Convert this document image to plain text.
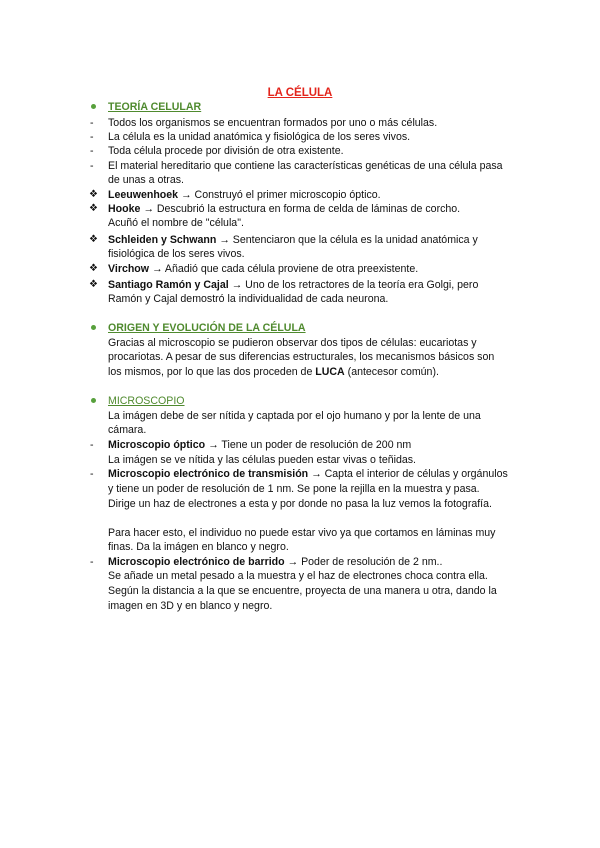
LA CÉLULA
TEORÍA CELULAR
- Todos los organismos se encuentran formados por uno o más células.
- La célula es la unidad anatómica y fisiológica de los seres vivos.
- Toda célula procede por división de otra existente.
- El material hereditario que contiene las características genéticas de una célula pasa
de unas a otras.
❖ Leeuwenhoek → Construyó el primer microscopio óptico.
❖ Hooke → Descubrió la estructura en forma de celda de láminas de corcho.
Acuñó el nombre de "célula".
❖ Schleiden y Schwann → Sentenciaron que la célula es la unidad anatómica y
fisiológica de los seres vivos.
❖ Virchow → Añadió que cada célula proviene de otra preexistente.
❖ Santiago Ramón y Cajal → Uno de los retractores de la teoría era Golgi, pero
Ramón y Cajal demostró la individualidad de cada neurona.
ORIGEN Y EVOLUCIÓN DE LA CÉLULA
Gracias al microscopio se pudieron observar dos tipos de células: eucariotas y
procariotas. A pesar de sus diferencias estructurales, los mecanismos básicos son
los mismos, por lo que las dos proceden de LUCA (antecesor común).
MICROSCOPIO
La imágen debe de ser nítida y captada por el ojo humano y por la lente de una
cámara.
- Microscopio óptico → Tiene un poder de resolución de 200 nm
La imágen se ve nítida y las células pueden estar vivas o teñidas.
- Microscopio electrónico de transmisión → Capta el interior de células y orgánulos
y tiene un poder de resolución de 1 nm. Se pone la rejilla en la muestra y pasa.
Dirige un haz de electrones a esta y por donde no pasa la luz vemos la fotografía.
Para hacer esto, el individuo no puede estar vivo ya que cortamos en láminas muy
finas. Da la imágen en blanco y negro.
- Microscopio electrónico de barrido → Poder de resolución de 2 nm..
Se añade un metal pesado a la muestra y el haz de electrones choca contra ella.
Según la distancia a la que se encuentre, proyecta de una manera u otra, dando la
imagen en 3D y en blanco y negro.
